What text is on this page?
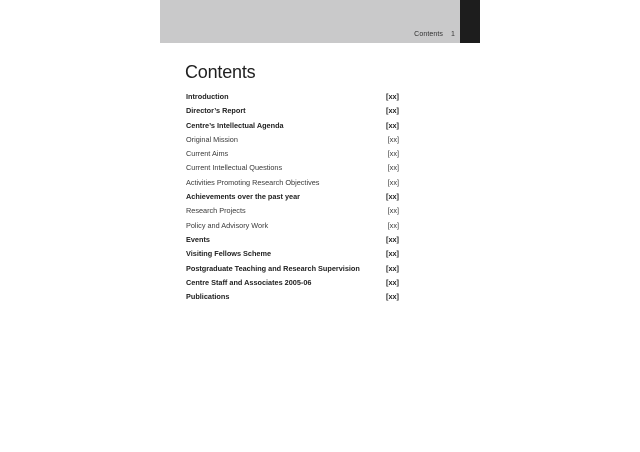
Contents 1
Contents
Introduction	[xx]
Director’s Report	[xx]
Centre’s Intellectual Agenda	[xx]
Original Mission	[xx]
Current Aims	[xx]
Current Intellectual Questions	[xx]
Activities Promoting Research Objectives	[xx]
Achievements over the past year	[xx]
Research Projects	[xx]
Policy and Advisory Work	[xx]
Events	[xx]
Visiting Fellows Scheme	[xx]
Postgraduate Teaching and Research Supervision	[xx]
Centre Staff and Associates 2005-06	[xx]
Publications	[xx]
